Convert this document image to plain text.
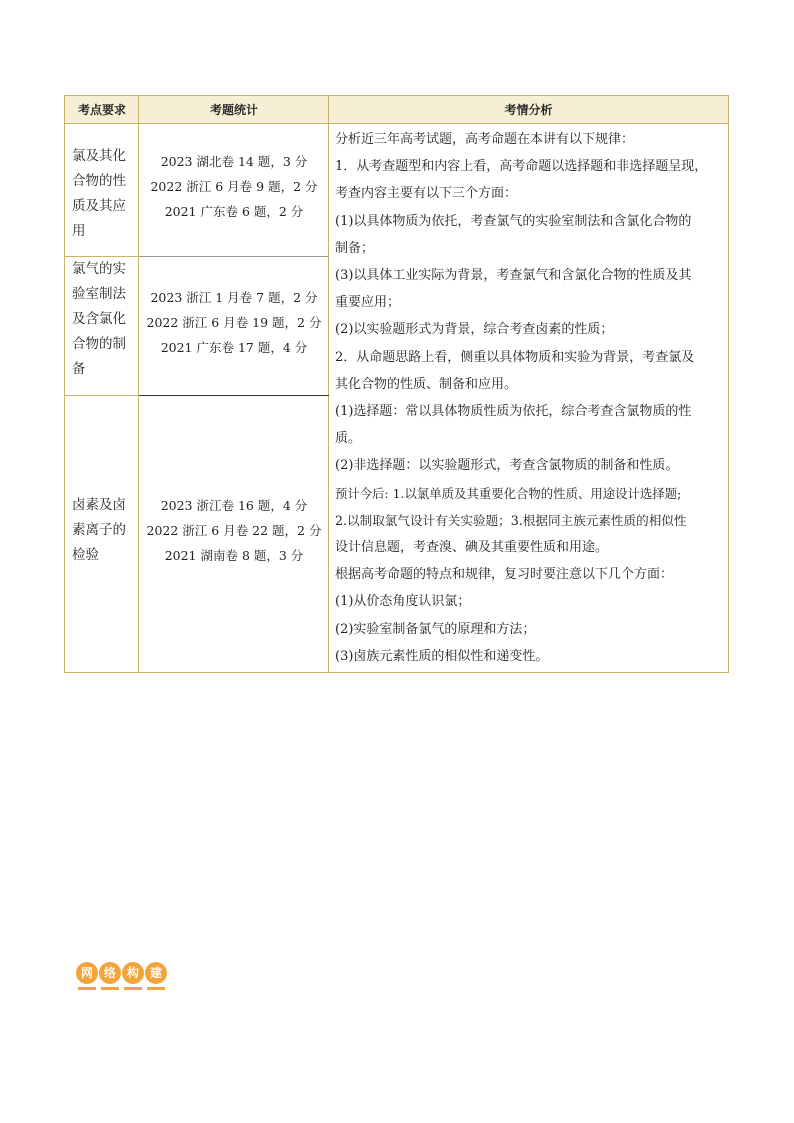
考点要求	考题统计	考情分析
氯及其化
合物的性
质及其应
用
2023 湖北卷 14 题，3 分
2022 浙江 6 月卷 9 题，2 分
2021 广东卷 6 题，2 分
氯气的实
验室制法
及含氯化
合物的制
备
2023 浙江 1 月卷 7 题，2 分
2022 浙江 6 月卷 19 题，2 分
2021 广东卷 17 题，4 分
卤素及卤
素离子的
检验
2023 浙江卷 16 题，4 分
2022 浙江 6 月卷 22 题，2 分
2021 湖南卷 8 题，3 分

分析近三年高考试题，高考命题在本讲有以下规律：

1．从考查题型和内容上看，高考命题以选择题和非选择题呈现，

考查内容主要有以下三个方面：

(1)以具体物质为依托，考查氯气的实验室制法和含氯化合物的

制备；

(3)以具体工业实际为背景，考查氯气和含氯化合物的性质及其

重要应用；

(2)以实验题形式为背景，综合考查卤素的性质；

2．从命题思路上看，侧重以具体物质和实验为背景，考查氯及

其化合物的性质、制备和应用。

(1)选择题：常以具体物质性质为依托，综合考查含氯物质的性

质。

(2)非选择题：以实验题形式，考查含氯物质的制备和性质。

预计今后: 1.以氯单质及其重要化合物的性质、用途设计选择题;

2.以制取氯气设计有关实验题；3.根据同主族元素性质的相似性

设计信息题，考查溴、碘及其重要性质和用途。

根据高考命题的特点和规律，复习时要注意以下几个方面：

(1)从价态角度认识氯；

(2)实验室制备氯气的原理和方法；

(3)卤族元素性质的相似性和递变性。

网 络 构 建
